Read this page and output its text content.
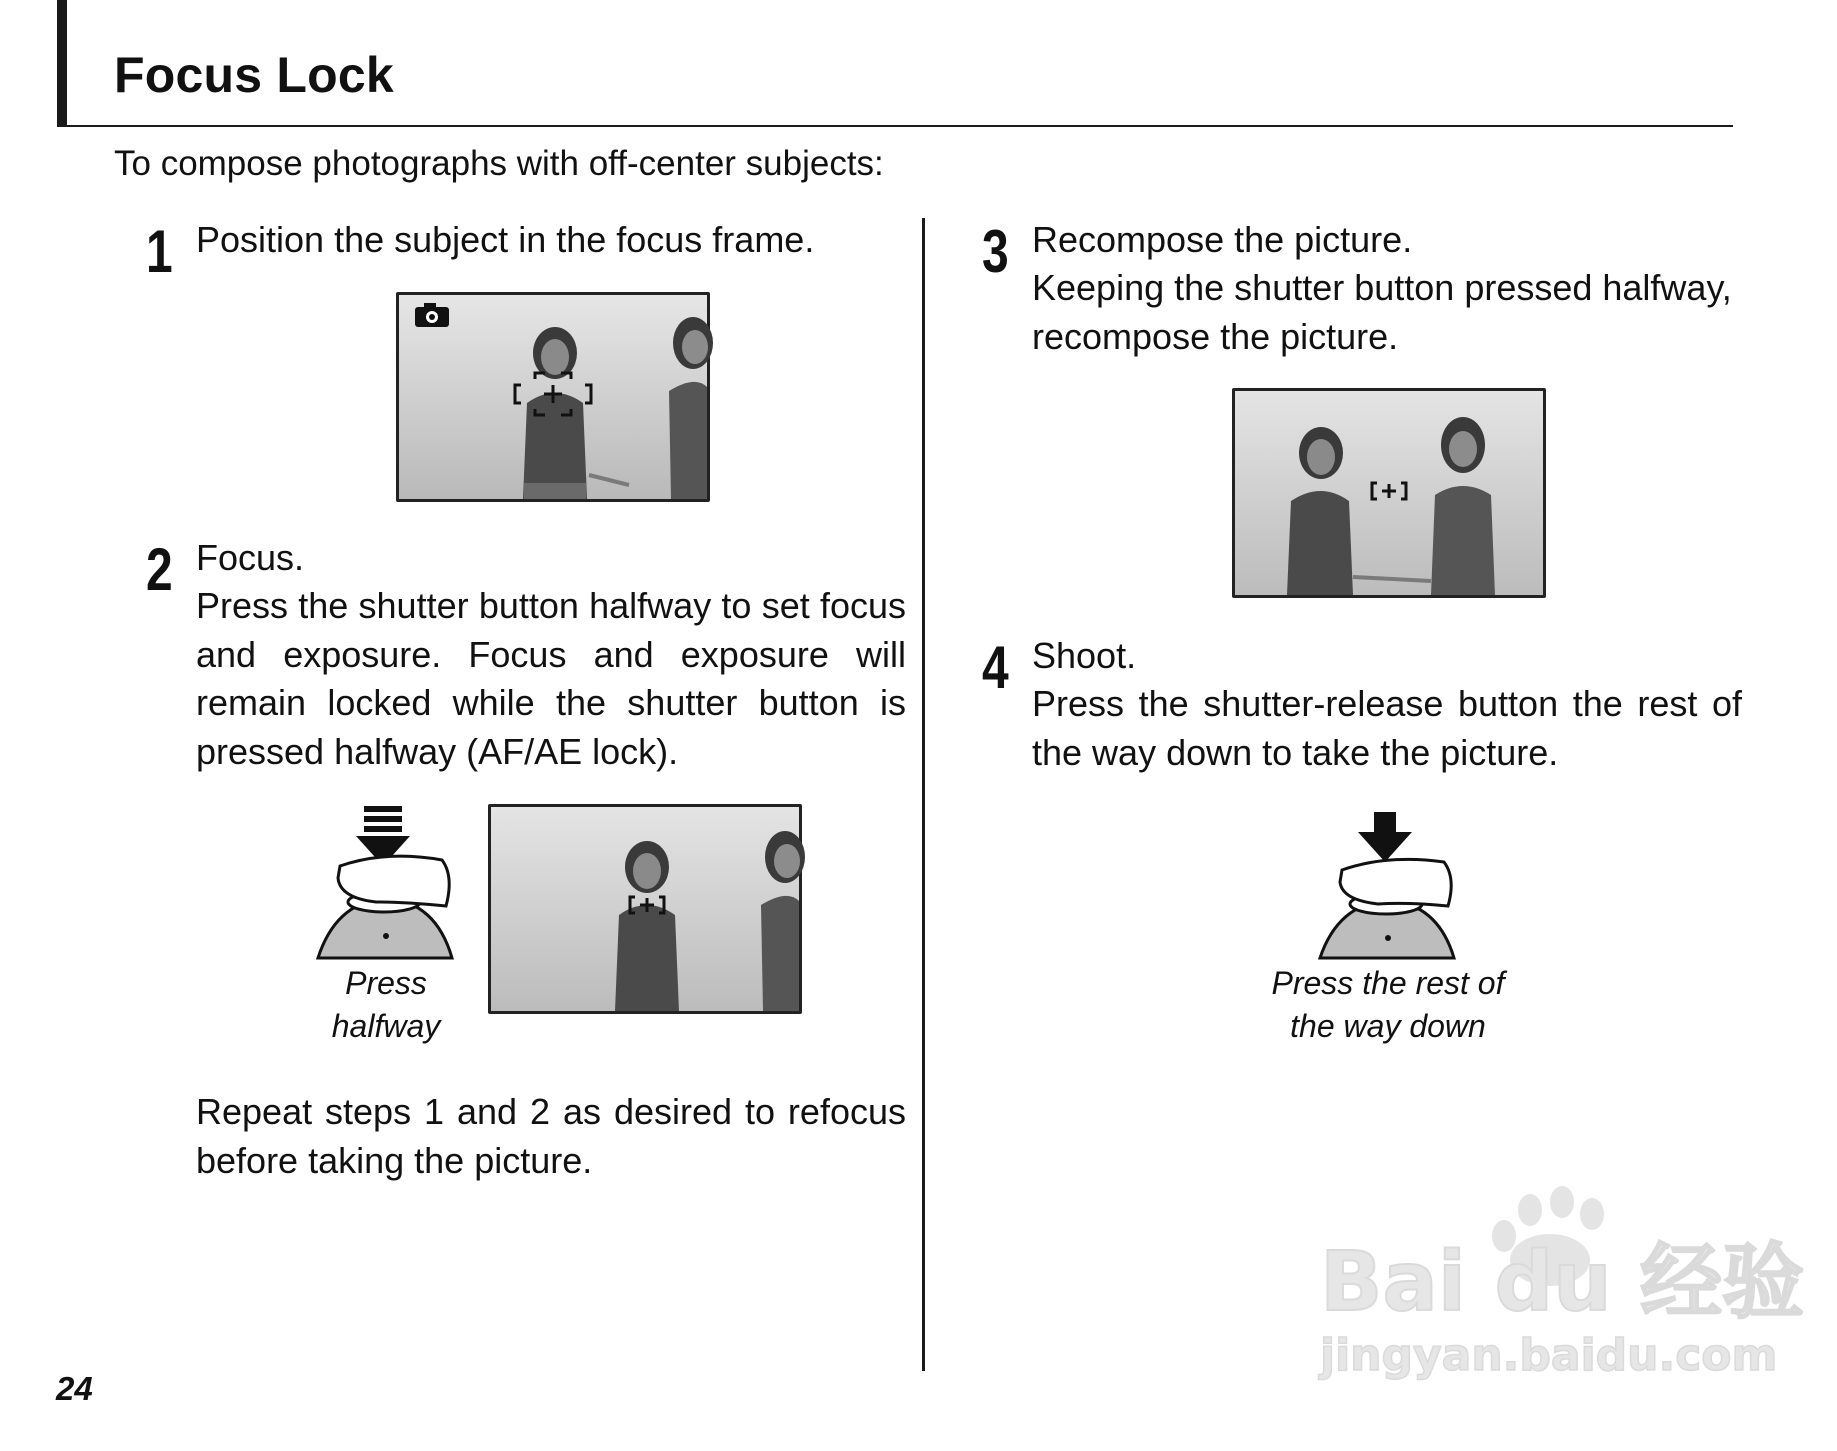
Focus Lock
To compose photographs with off-center subjects:
1 Position the subject in the focus frame.
2 Focus.
Press the shutter button halfway to set focus and exposure. Focus and exposure will remain locked while the shutter button is pressed halfway (AF/AE lock).
Press
halfway
Repeat steps 1 and 2 as desired to refocus before taking the picture.
3 Recompose the picture.
Keeping the shutter button pressed halfway, recompose the picture.
4 Shoot.
Press the shutter-release button the rest of the way down to take the picture.
Press the rest of
the way down
24
Bai du 经验
jingyan.baidu.com
